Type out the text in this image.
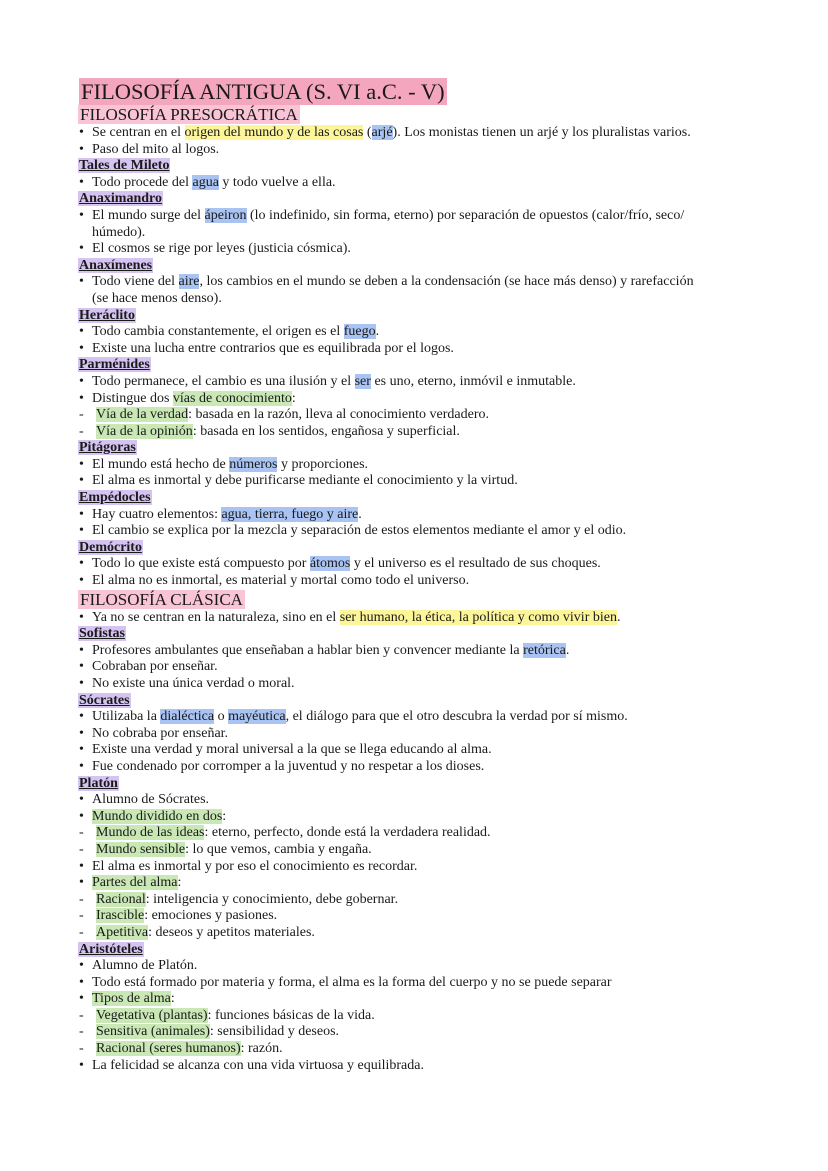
FILOSOFÍA ANTIGUA (S. VI a.C. - V)
FILOSOFÍA PRESOCRÁTICA
• Se centran en el origen del mundo y de las cosas (arjé). Los monistas tienen un arjé y los pluralistas varios.
• Paso del mito al logos.
Tales de Mileto
• Todo procede del agua y todo vuelve a ella.
Anaximandro
• El mundo surge del ápeiron (lo indefinido, sin forma, eterno) por separación de opuestos (calor/frío, seco/
húmedo).
• El cosmos se rige por leyes (justicia cósmica).
Anaxímenes
• Todo viene del aire, los cambios en el mundo se deben a la condensación (se hace más denso) y rarefacción
(se hace menos denso).
Heráclito
• Todo cambia constantemente, el origen es el fuego.
• Existe una lucha entre contrarios que es equilibrada por el logos.
Parménides
• Todo permanece, el cambio es una ilusión y el ser es uno, eterno, inmóvil e inmutable.
• Distingue dos vías de conocimiento:
- Vía de la verdad: basada en la razón, lleva al conocimiento verdadero.
- Vía de la opinión: basada en los sentidos, engañosa y superficial.
Pitágoras
• El mundo está hecho de números y proporciones.
• El alma es inmortal y debe purificarse mediante el conocimiento y la virtud.
Empédocles
• Hay cuatro elementos: agua, tierra, fuego y aire.
• El cambio se explica por la mezcla y separación de estos elementos mediante el amor y el odio.
Demócrito
• Todo lo que existe está compuesto por átomos y el universo es el resultado de sus choques.
• El alma no es inmortal, es material y mortal como todo el universo.
FILOSOFÍA CLÁSICA
• Ya no se centran en la naturaleza, sino en el ser humano, la ética, la política y como vivir bien.
Sofistas
• Profesores ambulantes que enseñaban a hablar bien y convencer mediante la retórica.
• Cobraban por enseñar.
• No existe una única verdad o moral.
Sócrates
• Utilizaba la dialéctica o mayéutica, el diálogo para que el otro descubra la verdad por sí mismo.
• No cobraba por enseñar.
• Existe una verdad y moral universal a la que se llega educando al alma.
• Fue condenado por corromper a la juventud y no respetar a los dioses.
Platón
• Alumno de Sócrates.
• Mundo dividido en dos:
- Mundo de las ideas: eterno, perfecto, donde está la verdadera realidad.
- Mundo sensible: lo que vemos, cambia y engaña.
• El alma es inmortal y por eso el conocimiento es recordar.
• Partes del alma:
- Racional: inteligencia y conocimiento, debe gobernar.
- Irascible: emociones y pasiones.
- Apetitiva: deseos y apetitos materiales.
Aristóteles
• Alumno de Platón.
• Todo está formado por materia y forma, el alma es la forma del cuerpo y no se puede separar
• Tipos de alma:
- Vegetativa (plantas): funciones básicas de la vida.
- Sensitiva (animales): sensibilidad y deseos.
- Racional (seres humanos): razón.
• La felicidad se alcanza con una vida virtuosa y equilibrada.
